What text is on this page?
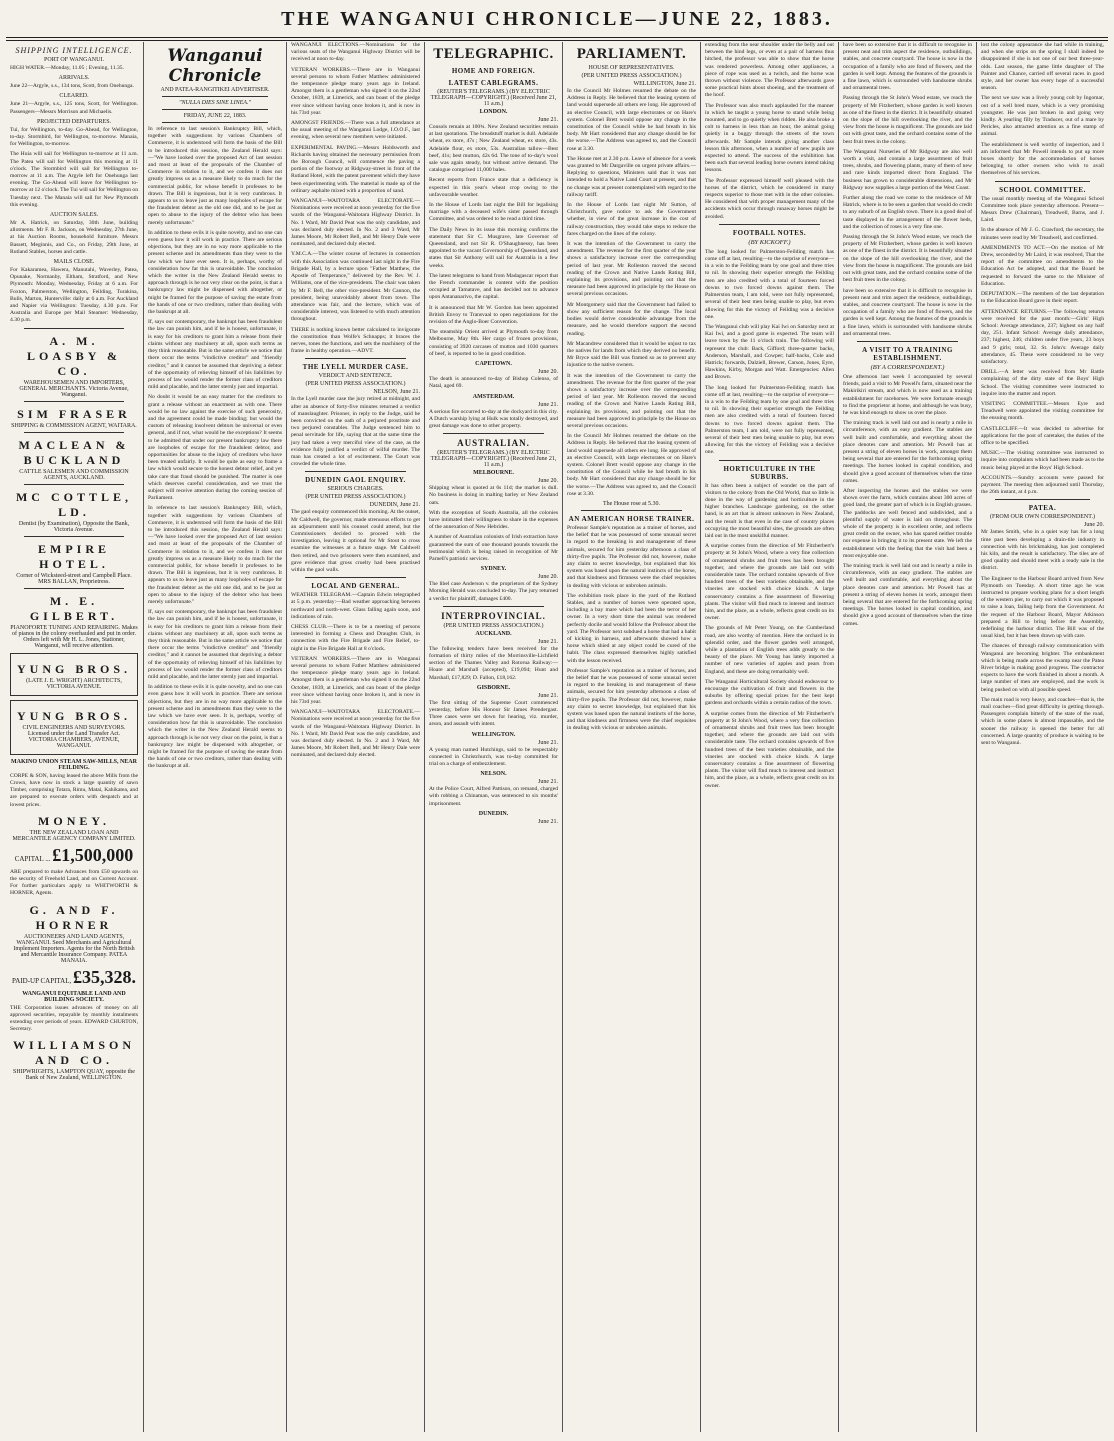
THE WANGANUI CHRONICLE—JUNE 22, 1883.
SHIPPING INTELLIGENCE.
PORT OF WANGANUI.

HIGH WATER.—Monday, 11.05 ; Evening, 11.35.

ARRIVALS.

June 22—Argyle, s.s., 134 tons, Scott, from Onehunga.

CLEARED.

June 21—Argyle, s.s., 125 tons, Scott, for Wellington. Passengers—Messrs Morrison and Michaelis.

PROJECTED DEPARTURES.

Tui, for Wellington, to-day. Go-Ahead, for Wellington, to-day. Stormbird, for Wellington, to-morrow. Manaia, for Wellington, to-morrow.

The Huia will sail for Wellington to-morrow at 11 a.m. The Patea will sail for Wellington this morning at 11 o'clock. The Stormbird will sail for Wellington to-morrow at 11 a.m. The Argyle left for Onehunga last evening. The Go-Ahead will leave for Wellington to-morrow at 12 o'clock. The Tui will sail for Wellington on Tuesday next. The Manaia will sail for New Plymouth this evening.

AUCTION SALES.

Mr A. Hatrick, on Saturday, 30th June, building allotments. Mr F. R. Jackson, on Wednesday, 27th June, at his Auction Rooms, household furniture. Messrs Bassett, Meginnis, and Co., on Friday, 29th June, at Rutland Stables, horses and cattle.

MAILS CLOSE.

For Kakaramea, Hawera, Manutahi, Waverley, Patea, Opunake, Normanby, Eltham, Stratford, and New Plymouth: Monday, Wednesday, Friday at 6 a.m. For Foxton, Palmerston, Wellington, Feilding, Turakina, Bulls, Marton, Hunterville: daily at 6 a.m. For Auckland and Napier via Wellington: Tuesday, 4.30 p.m. For Australia and Europe per Mail Steamer: Wednesday, 4.30 p.m.

A. M. LOASBY & CO.
WAREHOUSEMEN AND IMPORTERS, GENERAL MERCHANTS. Victoria Avenue, Wanganui.
SIM FRASER
SHIPPING & COMMISSION AGENT, WAITARA.
MACLEAN & BUCKLAND
CATTLE SALESMEN AND COMMISSION AGENTS, AUCKLAND.
MC COTTLE, LD.
Dentist (by Examination), Opposite the Bank, Victoria Avenue.
EMPIRE HOTEL.
Corner of Wicksteed-street and Campbell Place. MRS BALLAN, Proprietress.
M. E. GILBERT.
PIANOFORTE TUNING AND REPAIRING. Makes of pianos in the colony overhauled and put in order. Orders left with Mr H. L. Jones, Stationer, Wanganui, will receive attention.
YUNG BROS.
(LATE J. E. WRIGHT) ARCHITECTS, VICTORIA AVENUE.
YUNG BROS.
CIVIL ENGINEERS AND SURVEYORS. Licensed under the Land Transfer Act. VICTORIA CHAMBERS, AVENUE, WANGANUI.
MAKINO UNION STEAM SAW-MILLS, NEAR FEILDING.

CORPE & SON, having leased the above Mills from the Crown, have now in stock a large quantity of sawn Timber, comprising Totara, Rimu, Matai, Kahikatea, and are prepared to execute orders with despatch and at lowest prices.

MONEY.
THE NEW ZEALAND LOAN AND MERCANTILE AGENCY COMPANY LIMITED.
CAPITAL ... £1,500,000

ARE prepared to make Advances from £50 upwards on the security of Freehold Land, and on Current Account. For further particulars apply to WHITWORTH & HORNER, Agents.

G. AND F. HORNER
AUCTIONEERS AND LAND AGENTS, WANGANUI. Seed Merchants and Agricultural Implement Importers. Agents for the North British and Mercantile Insurance Company. PATEA MANAIA.
PAID-UP CAPITAL, £35,328.
WANGANUI EQUITABLE LAND AND BUILDING SOCIETY.

THE Corporation issues advances of money on all approved securities, repayable by monthly instalments extending over periods of years. EDWARD CHURTON, Secretary.

WILLIAMSON AND CO.
SHIPWRIGHTS, LAMPTON QUAY, opposite the Bank of New Zealand, WELLINGTON.
Wanganui Chronicle
AND PATEA-RANGITIKEI ADVERTISER.
"NULLA DIES SINE LINEA."
FRIDAY, JUNE 22, 1883.

In reference to last session's Bankruptcy Bill, which, together with suggestions by various Chambers of Commerce, it is understood will form the basis of the Bill to be introduced this session, the Zealand Herald says:—"We have looked over the proposed Act of last session and most at least of the proposals of the Chamber of Commerce in relation to it, and we confess it does not greatly impress us as a measure likely to do much for the commercial public, for whose benefit it professes to be drawn. The Bill is ingenious, but it is very cumbrous. It appears to us to leave just as many loopholes of escape for the fraudulent debtor as the old one did, and to be just as open to abuse to the injury of the debtor who has been merely unfortunate."

In addition to these evils it is quite novelty, and no one can even guess how it will work in practice. There are serious objections, but they are in no way more applicable to the present scheme and its amendments than they were to the law which we have ever seen. It is, perhaps, worthy of consideration how far this is unavoidable. The conclusion which the writer in the New Zealand Herald seems to approach through is he not very clear on the point, is that a bankruptcy law might be dispensed with altogether, or might be framed for the purpose of saving the estate from the hands of one or two creditors, rather than dealing with the bankrupt at all.

If, says our contemporary, the bankrupt has been fraudulent the law can punish him, and if he is honest, unfortunate, it is easy for his creditors to grant him a release from their claims without any machinery at all, upon such terms as they think reasonable. But in the same article we notice that there occur the terms "vindictive creditor" and "friendly creditor," and it cannot be assumed that depriving a debtor of the opportunity of relieving himself of his liabilities by process of law would render the former class of creditors mild and placable, and the latter sternly just and impartial.

No doubt it would be an easy matter for the creditors to grant a release without an enactment as with one. There would be no law against the exercise of such generosity, and the agreement could be made binding; but would the custom of releasing insolvent debtors be universal or even general, and if not, what would be the exceptions? It seems to be admitted that under our present bankruptcy law there are loopholes of escape for the fraudulent debtor, and opportunities for abuse to the injury of creditors who have been treated unfairly. It would be quite as easy to frame a law which would secure to the honest debtor relief, and yet take care that fraud should be punished. The matter is one which deserves careful consideration, and we trust the subject will receive attention during the coming session of Parliament.

In reference to last session's Bankruptcy Bill, which, together with suggestions by various Chambers of Commerce, it is understood will form the basis of the Bill to be introduced this session, the Zealand Herald says:—"We have looked over the proposed Act of last session and most at least of the proposals of the Chamber of Commerce in relation to it, and we confess it does not greatly impress us as a measure likely to do much for the commercial public, for whose benefit it professes to be drawn. The Bill is ingenious, but it is very cumbrous. It appears to us to leave just as many loopholes of escape for the fraudulent debtor as the old one did, and to be just as open to abuse to the injury of the debtor who has been merely unfortunate."

If, says our contemporary, the bankrupt has been fraudulent the law can punish him, and if he is honest, unfortunate, it is easy for his creditors to grant him a release from their claims without any machinery at all, upon such terms as they think reasonable. But in the same article we notice that there occur the terms "vindictive creditor" and "friendly creditor," and it cannot be assumed that depriving a debtor of the opportunity of relieving himself of his liabilities by process of law would render the former class of creditors mild and placable, and the latter sternly just and impartial.

In addition to these evils it is quite novelty, and no one can even guess how it will work in practice. There are serious objections, but they are in no way more applicable to the present scheme and its amendments than they were to the law which we have ever seen. It is, perhaps, worthy of consideration how far this is unavoidable. The conclusion which the writer in the New Zealand Herald seems to approach through is he not very clear on the point, is that a bankruptcy law might be dispensed with altogether, or might be framed for the purpose of saving the estate from the hands of one or two creditors, rather than dealing with the bankrupt at all.

WANGANUI ELECTIONS.—Nominations for the various seats of the Wanganui Highway District will be received at noon to-day.

VETERAN WORKERS.—There are in Wanganui several persons to whom Father Matthew administered the temperance pledge many years ago in Ireland. Amongst them is a gentleman who signed it on the 22nd October, 1839, at Limerick, and can boast of the pledge ever since without having once broken it, and is now in his 73rd year.

AMONGST FRIENDS.—There was a full attendance at the usual meeting of the Wanganui Lodge, I.O.O.F., last evening, when several new members were initiated.

EXPERIMENTAL PAVING.—Messrs Holdsworth and Richards having obtained the necessary permission from the Borough Council, will commence the paving a portion of the footway at Ridgway-street in front of the Rutland Hotel, with the patent pavement which they have been experimenting with. The material is made up of the ordinary asphalte mixed with a proportion of sand.

WANGANUI—WAITOTARA ELECTORATE.—Nominations were received at noon yesterday for the five wards of the Wanganui-Waitotara Highway District. In No. 1 Ward, Mr David Peat was the only candidate, and was declared duly elected. In No. 2 and 3 Ward, Mr James Moore, Mr Robert Bell, and Mr Henry Dale were nominated, and declared duly elected.

Y.M.C.A.—The winter course of lectures in connection with this Association was continued last night in the Fire Brigade Hall, by a lecture upon "Father Matthew, the Apostle of Temperance," delivered by the Rev. W. J. Williams, one of the vice-presidents. The chair was taken by Mr F. Bell, the other vice-president. Mr Cannon, the president, being unavoidably absent from town. The attendance was fair, and the lecture, which was of considerable interest, was listened to with much attention throughout.

THERE is nothing known better calculated to invigorate the constitution than Wolfe's Schnapps; it braces the nerves, tones the functions, and sets the machinery of the frame in healthy operation.—ADVT.

THE LYELL MURDER CASE.
VERDICT AND SENTENCE.
(PER UNITED PRESS ASSOCIATION.)
NELSON, June 21.

In the Lyell murder case the jury retired at midnight, and after an absence of forty-five minutes returned a verdict of manslaughter. Prisoner, in reply to the Judge, said he been convicted on the oath of a perjured prostitute and two perjured constables. The Judge sentenced him to penal servitude for life, saying that at the same time the jury had taken a very merciful view of the case, as the evidence fully justified a verdict of wilful murder. The man has created a lot of excitement. The Court was crowded the whole time.

DUNEDIN GAOL ENQUIRY.
SERIOUS CHARGES.
(PER UNITED PRESS ASSOCIATION.)
DUNEDIN, June 21.

The gaol enquiry commenced this morning. At the outset, Mr Caldwell, the governor, made strenuous efforts to get an adjournment until his counsel could attend, but the Commissioners decided to proceed with the investigation, leaving it optional for Mr Stout to cross examine the witnesses at a future stage. Mr Caldwell then retired, and two prisoners were then examined, and gave evidence that gross cruelty had been practised within the gaol walls.

LOCAL AND GENERAL.

WEATHER TELEGRAM.—Captain Edwin telegraphed at 5 p.m. yesterday:—Bad weather approaching between northward and north-west. Glass falling again soon, and indications of rain.

CHESS CLUB.—There is to be a meeting of persons interested in forming a Chess and Draughts Club, in connection with the Fire Brigade and Fire Relief, to-night in the Fire Brigade Hall at 8 o'clock.

VETERAN WORKERS.—There are in Wanganui several persons to whom Father Matthew administered the temperance pledge many years ago in Ireland. Amongst them is a gentleman who signed it on the 22nd October, 1839, at Limerick, and can boast of the pledge ever since without having once broken it, and is now in his 73rd year.

WANGANUI—WAITOTARA ELECTORATE.—Nominations were received at noon yesterday for the five wards of the Wanganui-Waitotara Highway District. In No. 1 Ward, Mr David Peat was the only candidate, and was declared duly elected. In No. 2 and 3 Ward, Mr James Moore, Mr Robert Bell, and Mr Henry Dale were nominated, and declared duly elected.

TELEGRAPHIC.
HOME AND FOREIGN.
LATEST CABLEGRAMS.
(REUTER'S TELEGRAMS.) (BY ELECTRIC TELEGRAPH—COPYRIGHT.) (Received June 21, 11 a.m.)
LONDON.
June 21.

Consols remain at 100¾. New Zealand securities remain at last quotations. The breadstuff market is dull. Adelaide wheat, ex store, 47s ; New Zealand wheat, ex store, 43s. Adelaide flour, ex store, 53s. Australian tallow—Best beef, 41s; best mutton, 42s 6d. The tone of to-day's wool sale was again steady, but without active demand. The catalogue comprised 11,000 bales.

Recent reports from France state that a deficiency is expected in this year's wheat crop owing to the unfavourable weather.

In the House of Lords last night the Bill for legalising marriage with a deceased wife's sister passed through Committee, and was ordered to be read a third time.

The Daily News in its issue this morning confirms the statement that Sir C. Musgrave, late Governor of Queensland, and not Sir R. O'Shaughnessy, has been appointed to the vacant Governorship of Queensland, and states that Sir Anthony will sail for Australia in a few weeks.

The latest telegrams to hand from Madagascar report that the French commander is content with the position occupied at Tamatave, and has decided not to advance upon Antananarivo, the capital.

It is announced that Mr W. Gordon has been appointed British Envoy to Transvaal to open negotiations for the revision of the Anglo-Boer Convention.

The steamship Orient arrived at Plymouth to-day from Melbourne, May 8th. Her cargo of frozen provisions, consisting of 3920 carcases of mutton and 1030 quarters of beef, is reported to be in good condition.

CAPETOWN.
June 20.

The death is announced to-day of Bishop Colenso, of Natal, aged 69.

AMSTERDAM.
June 21.

A serious fire occurred to-day at the dockyard in this city. A Dutch warship lying at Hulk was totally destroyed, and great damage was done to other property.

AUSTRALIAN.
(REUTER'S TELEGRAMS.) (BY ELECTRIC TELEGRAPH—COPYRIGHT.) (Received June 21, 11 a.m.)
MELBOURNE.
June 20.

Shipping wheat is quoted at 6s 11d; the market is dull. No business is doing in malting barley or New Zealand oats.

With the exception of South Australia, all the colonies have intimated their willingness to share in the expenses of the annexation of New Hebrides.

A number of Australian colonists of Irish extraction have guaranteed the sum of one thousand pounds towards the testimonial which is being raised in recognition of Mr Parnell's patriotic services.

SYDNEY.
June 20.

The libel case Anderson v. the proprietors of the Sydney Morning Herald was concluded to-day. The jury returned a verdict for plaintiff, damages £400.

INTERPROVINCIAL.
(PER UNITED PRESS ASSOCIATION.)
AUCKLAND.
June 21.

The following tenders have been received for the formation of thirty miles of the Morrinsville-Lichfield section of the Thames Valley and Rotorua Railway:—Hoare and Marshall (accepted), £19,094; Hunt and Marshall, £17,829; D. Fallon, £18,162.

GISBORNE.
June 21.

The first sitting of the Supreme Court commenced yesterday, before His Honour Sir James Prendergast. Three cases were set down for hearing, viz. murder, arson, and assault with intent.

WELLINGTON.
June 21.

A young man named Hutchings, said to be respectably connected in Christchurch, was to-day committed for trial on a charge of embezzlement.

NELSON.
June 21.

At the Police Court, Alfred Pattison, on remand, charged with robbing a Chinaman, was sentenced to six months' imprisonment.

DUNEDIN.
June 21.
PARLIAMENT.
HOUSE OF REPRESENTATIVES.
(PER UNITED PRESS ASSOCIATION.)
WELLINGTON, June 21.

In the Council Mr Holmes resumed the debate on the Address in Reply. He believed that the leasing system of land would supersede all others ere long. He approved of an elective Council, with large electorates or on Hare's system. Colonel Brett would oppose any change in the constitution of the Council while he had breath in his body. Mr Hart considered that any change should be for the worse.—The Address was agreed to, and the Council rose at 3.30.

The House met at 2.30 p.m. Leave of absence for a week was granted to Mr Dargaville on urgent private affairs.—Replying to questions, Ministers said that it was not intended to hold a Native Land Court at present, and that no change was at present contemplated with regard to the railway tariff.

In the House of Lords last night Mr Sutton, of Christchurch, gave notice to ask the Government whether, in view of the great increase in the cost of railway construction, they would take steps to reduce the fares charged on the lines of the colony.

It was the intention of the Government to carry the amendment. The revenue for the first quarter of the year shows a satisfactory increase over the corresponding period of last year. Mr Rolleston moved the second reading of the Crown and Native Lands Rating Bill, explaining its provisions, and pointing out that the measure had been approved in principle by the House on several previous occasions.

Mr Montgomery said that the Government had failed to show any sufficient reason for the change. The local bodies would derive considerable advantage from the measure, and he would therefore support the second reading.

Mr Macandrew considered that it would be unjust to tax the natives for lands from which they derived no benefit. Mr Bryce said the Bill was framed so as to prevent any injustice to the native owners.

It was the intention of the Government to carry the amendment. The revenue for the first quarter of the year shows a satisfactory increase over the corresponding period of last year. Mr Rolleston moved the second reading of the Crown and Native Lands Rating Bill, explaining its provisions, and pointing out that the measure had been approved in principle by the House on several previous occasions.

In the Council Mr Holmes resumed the debate on the Address in Reply. He believed that the leasing system of land would supersede all others ere long. He approved of an elective Council, with large electorates or on Hare's system. Colonel Brett would oppose any change in the constitution of the Council while he had breath in his body. Mr Hart considered that any change should be for the worse.—The Address was agreed to, and the Council rose at 3.30.

The House rose at 5.30.
AN AMERICAN HORSE TRAINER.

Professor Sample's reputation as a trainer of horses, and the belief that he was possessed of some unusual secret in regard to the breaking in and management of these animals, secured for him yesterday afternoon a class of thirty-five pupils. The Professor did not, however, make any claim to secret knowledge, but explained that his system was based upon the natural instincts of the horse, and that kindness and firmness were the chief requisites in dealing with vicious or unbroken animals.

The exhibition took place in the yard of the Rutland Stables, and a number of horses were operated upon, including a bay mare which had been the terror of her owner. In a very short time the animal was rendered perfectly docile and would follow the Professor about the yard. The Professor next subdued a horse that had a habit of kicking in harness, and afterwards showed how a horse which shied at any object could be cured of the habit. The class expressed themselves highly satisfied with the lesson received.

Professor Sample's reputation as a trainer of horses, and the belief that he was possessed of some unusual secret in regard to the breaking in and management of these animals, secured for him yesterday afternoon a class of thirty-five pupils. The Professor did not, however, make any claim to secret knowledge, but explained that his system was based upon the natural instincts of the horse, and that kindness and firmness were the chief requisites in dealing with vicious or unbroken animals.

extending from the near shoulder under the belly and out between the hind legs, or even at a pair of harness thus hitched, the professor was able to show that the horse was rendered powerless. Among other appliances, a piece of rope was used as a twitch, and the horse was thrown without violence. The Professor afterwards gave some practical hints about shoeing, and the treatment of the hoof.

The Professor was also much applauded for the manner in which he taught a young horse to stand while being mounted, and to go quietly when ridden. He also broke a colt to harness in less than an hour, the animal going quietly in a buggy through the streets of the town afterwards. Mr Sample intends giving another class lesson this afternoon, when a number of new pupils are expected to attend. The success of the exhibition has been such that several leading horse owners intend taking lessons.

The Professor expressed himself well pleased with the horses of the district, which he considered in many respects superior to those met with in the other colonies. He considered that with proper management many of the accidents which occur through runaway horses might be avoided.

FOOTBALL NOTES.
(BY KICKOFF.)

The long looked for Palmerston-Feilding match has come off at last, resulting—to the surprise of everyone—in a win to the Feilding team by one goal and three tries to nil. In showing their superior strength the Feilding men are also credited with a total of fourteen forced downs to two forced downs against them. The Palmerston team, I am told, were not fully represented, several of their best men being unable to play, but even allowing for this the victory of Feilding was a decisive one.

The Wanganui club will play Kai Iwi on Saturday next at Kai Iwi, and a good game is expected. The team will leave town by the 11 o'clock train. The following will represent the club: Back, Gifford; three-quarter backs, Anderson, Marshall, and Cowper; half-backs, Cole and Hatrick; forwards, Dalziell, Brewer, Carson, Jones, Eyre, Hawkins, Kirby, Morgan and Watt. Emergencies: Allen and Brown.

The long looked for Palmerston-Feilding match has come off at last, resulting—to the surprise of everyone—in a win to the Feilding team by one goal and three tries to nil. In showing their superior strength the Feilding men are also credited with a total of fourteen forced downs to two forced downs against them. The Palmerston team, I am told, were not fully represented, several of their best men being unable to play, but even allowing for this the victory of Feilding was a decisive one.

HORTICULTURE IN THE SUBURBS.

It has often been a subject of wonder on the part of visitors to the colony from the Old World, that so little is done in the way of gardening and horticulture in the higher branches. Landscape gardening, on the other hand, is an art that is almost unknown in New Zealand, and the result is that even in the case of country places occupying the most beautiful sites, the grounds are often laid out in the most unskilful manner.

A surprise comes from the direction of Mr Fitzherbert's property at St John's Wood, where a very fine collection of ornamental shrubs and fruit trees has been brought together, and where the grounds are laid out with considerable taste. The orchard contains upwards of five hundred trees of the best varieties obtainable, and the vineries are stocked with choice kinds. A large conservatory contains a fine assortment of flowering plants. The visitor will find much to interest and instruct him, and the place, as a whole, reflects great credit on its owner.

The grounds of Mr Peter Young, on the Cumberland road, are also worthy of mention. Here the orchard is in splendid order, and the flower garden well arranged, while a plantation of English trees adds greatly to the beauty of the place. Mr Young has lately imported a number of new varieties of apples and pears from England, and these are doing remarkably well.

The Wanganui Horticultural Society should endeavour to encourage the cultivation of fruit and flowers in the suburbs by offering special prizes for the best kept gardens and orchards within a certain radius of the town.

A surprise comes from the direction of Mr Fitzherbert's property at St John's Wood, where a very fine collection of ornamental shrubs and fruit trees has been brought together, and where the grounds are laid out with considerable taste. The orchard contains upwards of five hundred trees of the best varieties obtainable, and the vineries are stocked with choice kinds. A large conservatory contains a fine assortment of flowering plants. The visitor will find much to interest and instruct him, and the place, as a whole, reflects great credit on its owner.

have been so extensive that it is difficult to recognise in present neat and trim aspect the residence, outbuildings, stables, and concrete courtyard. The house is now in the occupation of a family who are fond of flowers, and the garden is well kept. Among the features of the grounds is a fine lawn, which is surrounded with handsome shrubs and ornamental trees.

Passing through the St John's Wood estate, we reach the property of Mr Fitzherbert, whose garden is well known as one of the finest in the district. It is beautifully situated on the slope of the hill overlooking the river, and the view from the house is magnificent. The grounds are laid out with great taste, and the orchard contains some of the best fruit trees in the colony.

The Wanganui Nurseries of Mr Ridgway are also well worth a visit, and contain a large assortment of fruit trees, shrubs, and flowering plants, many of them of new and rare kinds imported direct from England. The business has grown to considerable dimensions, and Mr Ridgway now supplies a large portion of the West Coast.

Further along the road we come to the residence of Mr Hatrick, where is to be seen a garden that would do credit to any suburb of an English town. There is a good deal of taste displayed in the arrangement of the flower beds, and the collection of roses is a very fine one.

Passing through the St John's Wood estate, we reach the property of Mr Fitzherbert, whose garden is well known as one of the finest in the district. It is beautifully situated on the slope of the hill overlooking the river, and the view from the house is magnificent. The grounds are laid out with great taste, and the orchard contains some of the best fruit trees in the colony.

have been so extensive that it is difficult to recognise in present neat and trim aspect the residence, outbuildings, stables, and concrete courtyard. The house is now in the occupation of a family who are fond of flowers, and the garden is well kept. Among the features of the grounds is a fine lawn, which is surrounded with handsome shrubs and ornamental trees.

A VISIT TO A TRAINING ESTABLISHMENT.
(BY A CORRESPONDENT.)

One afternoon last week I accompanied by several friends, paid a visit to Mr Powell's farm, situated near the Makirikiri stream, and which is now used as a training establishment for racehorses. We were fortunate enough to find the proprietor at home, and although he was busy, he was kind enough to show us over the place.

The training track is well laid out and is nearly a mile in circumference, with an easy gradient. The stables are well built and comfortable, and everything about the place denotes care and attention. Mr Powell has at present a string of eleven horses in work, amongst them being several that are entered for the forthcoming spring meetings. The horses looked in capital condition, and should give a good account of themselves when the time comes.

After inspecting the horses and the stables we were shown over the farm, which contains about 300 acres of good land, the greater part of which is in English grasses. The paddocks are well fenced and subdivided, and a plentiful supply of water is laid on throughout. The whole of the property is in excellent order, and reflects great credit on the owner, who has spared neither trouble nor expense in bringing it to its present state. We left the establishment with the feeling that the visit had been a most enjoyable one.

The training track is well laid out and is nearly a mile in circumference, with an easy gradient. The stables are well built and comfortable, and everything about the place denotes care and attention. Mr Powell has at present a string of eleven horses in work, amongst them being several that are entered for the forthcoming spring meetings. The horses looked in capital condition, and should give a good account of themselves when the time comes.

lost the colony appearance she had while in training, and when she strips on the spring I shall indeed be disappointed if she is not one of our best three-year-olds. Last season, the game little daughter of The Painter and Chance, carried off several races in good style, and her owner has every hope of a successful season.

The next we saw was a lively young colt by Ingomar, out of a well bred mare, which is a very promising youngster. He was just broken in and going very kindly. A yearling filly by Traducer, out of a mare by Pericles, also attracted attention as a fine stamp of animal.

The establishment is well worthy of inspection, and I am informed that Mr Powell intends to put up more boxes shortly for the accommodation of horses belonging to other owners who wish to avail themselves of his services.

SCHOOL COMMITTEE.

The usual monthly meeting of the Wanganui School Committee took place yesterday afternoon. Present—Messrs Drew (Chairman), Treadwell, Barns, and J. Laird.

In the absence of Mr J. G. Crawford, the secretary, the minutes were read by Mr Treadwell, and confirmed.

AMENDMENTS TO ACT.—On the motion of Mr Drew, seconded by Mr Laird, it was resolved, That the report of the committee on amendments to the Education Act be adopted, and that the Board be requested to forward the same to the Minister of Education.

DEPUTATION.—The members of the last deputation to the Education Board gave in their report.

ATTENDANCE RETURNS.—The following returns were received for the past month:—Girls' High School: Average attendance, 237; highest on any half day, 251. Infant School: Average daily attendance, 237; highest, 246; children under five years, 23 boys and 9 girls; total, 32. St. John's: Average daily attendance, 45. These were considered to be very satisfactory.

DRILL.—A letter was received from Mr Battle complaining of the dirty state of the Boys' High School. The visiting committee were instructed to inquire into the matter and report.

VISITING COMMITTEE.—Messrs Eyre and Treadwell were appointed the visiting committee for the ensuing month.

CASTLECLIFF.—It was decided to advertise for applications for the post of caretaker, the duties of the office to be specified.

MUSIC.—The visiting committee was instructed to inquire into complaints which had been made as to the music being played at the Boys' High School.

ACCOUNTS.—Sundry accounts were passed for payment. The meeting then adjourned until Thursday, the 26th instant, at 4 p.m.

PATEA.
(FROM OUR OWN CORRESPONDENT.)
June 20.

Mr James Smith, who in a quiet way has for a long time past been developing a drain-tile industry in connection with his brickmaking, has just completed his kiln, and the result is satisfactory. The tiles are of good quality and should meet with a ready sale in the district.

The Engineer to the Harbour Board arrived from New Plymouth on Tuesday. A short time ago he was instructed to prepare working plans for a short length of the western pier, to carry out which it was proposed to raise a loan, failing help from the Government. At the request of the Harbour Board, Mayor Atkinson prepared a Bill to bring before the Assembly, redefining the harbour district. The Bill was of the usual kind, but it has been drawn up with care.

The chances of through railway communication with Wanganui are becoming brighter. The embankment which is being made across the swamp near the Patea River bridge is making good progress. The contractor expects to have the work finished in about a month. A large number of men are employed, and the work is being pushed on with all possible speed.

The main road is very heavy, and coaches—that is, the mail coaches—find great difficulty in getting through. Passengers complain bitterly of the state of the road, which in some places is almost impassable, and the sooner the railway is opened the better for all concerned. A large quantity of produce is waiting to be sent to Wanganui.
